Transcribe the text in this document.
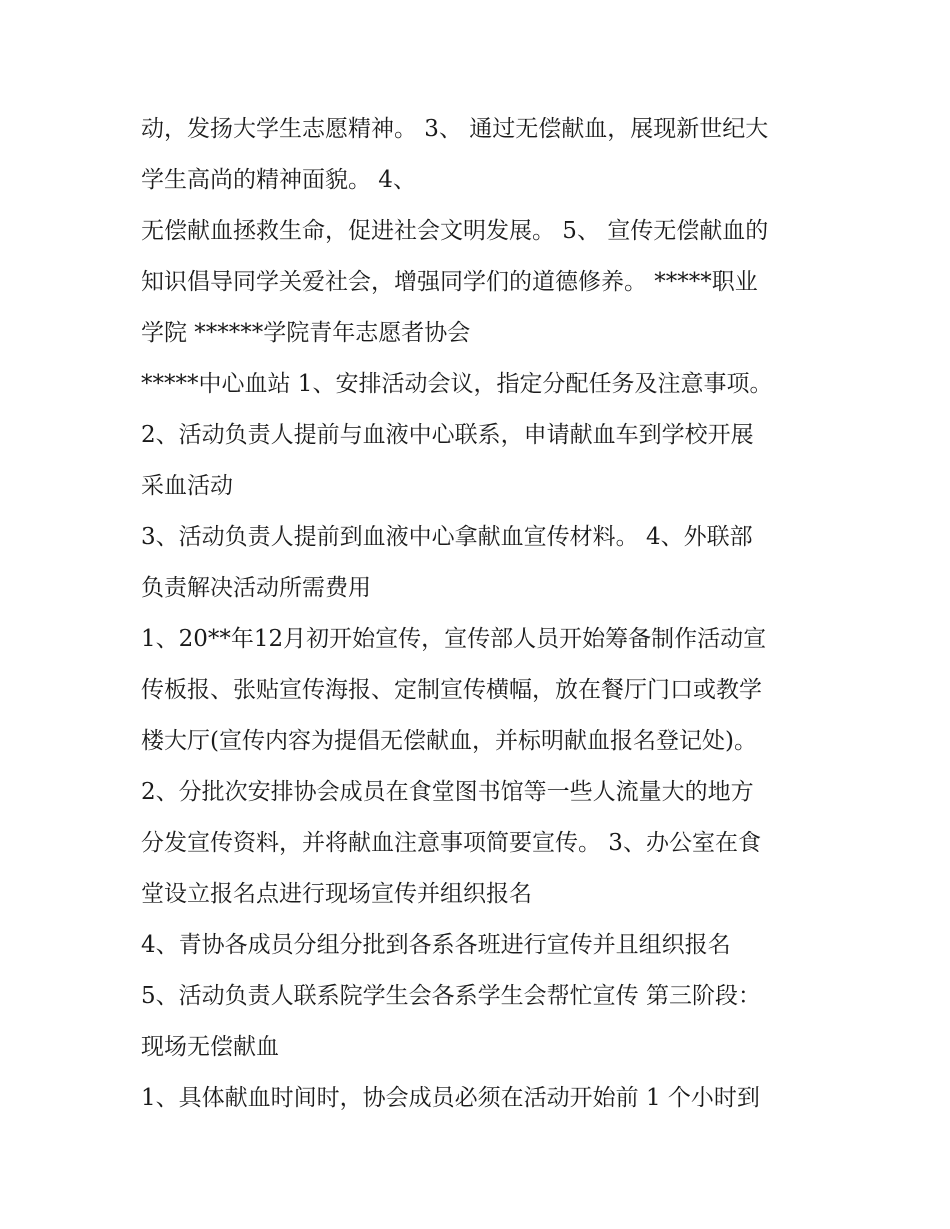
动，发扬大学生志愿精神。 3、 通过无偿献血，展现新世纪大
学生高尚的精神面貌。 4、
无偿献血拯救生命，促进社会文明发展。 5、 宣传无偿献血的
知识倡导同学关爱社会，增强同学们的道德修养。 *****职业
学院 ******学院青年志愿者协会
*****中心血站 1、安排活动会议，指定分配任务及注意事项。
2、活动负责人提前与血液中心联系，申请献血车到学校开展
采血活动
3、活动负责人提前到血液中心拿献血宣传材料。 4、外联部
负责解决活动所需费用
1、20**年12月初开始宣传，宣传部人员开始筹备制作活动宣
传板报、张贴宣传海报、定制宣传横幅，放在餐厅门口或教学
楼大厅(宣传内容为提倡无偿献血，并标明献血报名登记处)。
2、分批次安排协会成员在食堂图书馆等一些人流量大的地方
分发宣传资料，并将献血注意事项简要宣传。 3、办公室在食
堂设立报名点进行现场宣传并组织报名
4、青协各成员分组分批到各系各班进行宣传并且组织报名
5、活动负责人联系院学生会各系学生会帮忙宣传 第三阶段：
现场无偿献血
1、具体献血时间时，协会成员必须在活动开始前 1 个小时到
